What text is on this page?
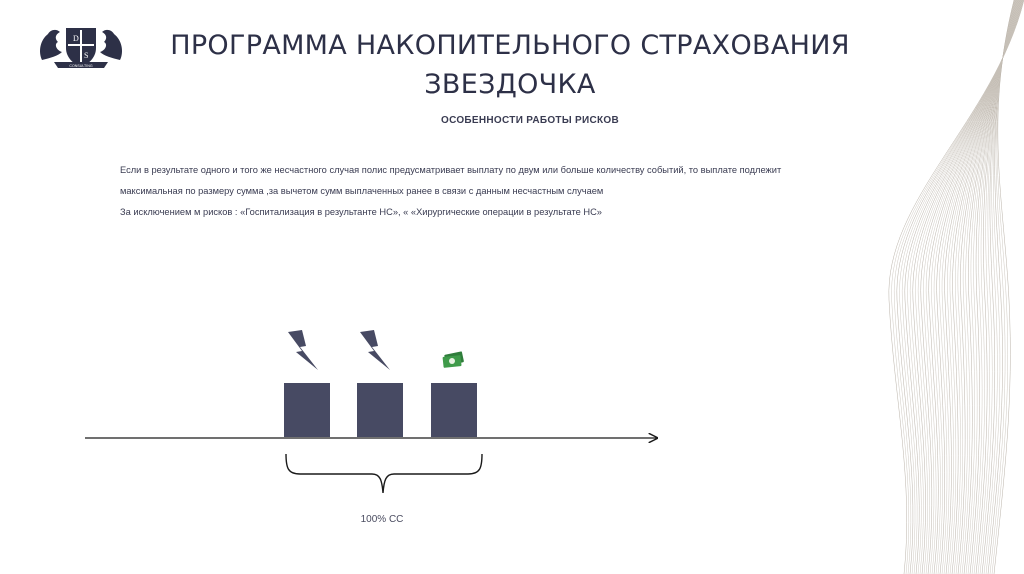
D
S
CONSULTING
ПРОГРАММА НАКОПИТЕЛЬНОГО СТРАХОВАНИЯ
ЗВЕЗДОЧКА
ОСОБЕННОСТИ РАБОТЫ РИСКОВ

Если в результате одного и того же несчастного случая полис предусматривает выплату по двум или больше количеству событий, то выплате подлежит

максимальная по размеру сумма ,за вычетом сумм выплаченных ранее в связи с данным несчастным случаем

За исключением м рисков : «Госпитализация в результанте НС», « «Хирургические операции в результате НС»

100% СС
